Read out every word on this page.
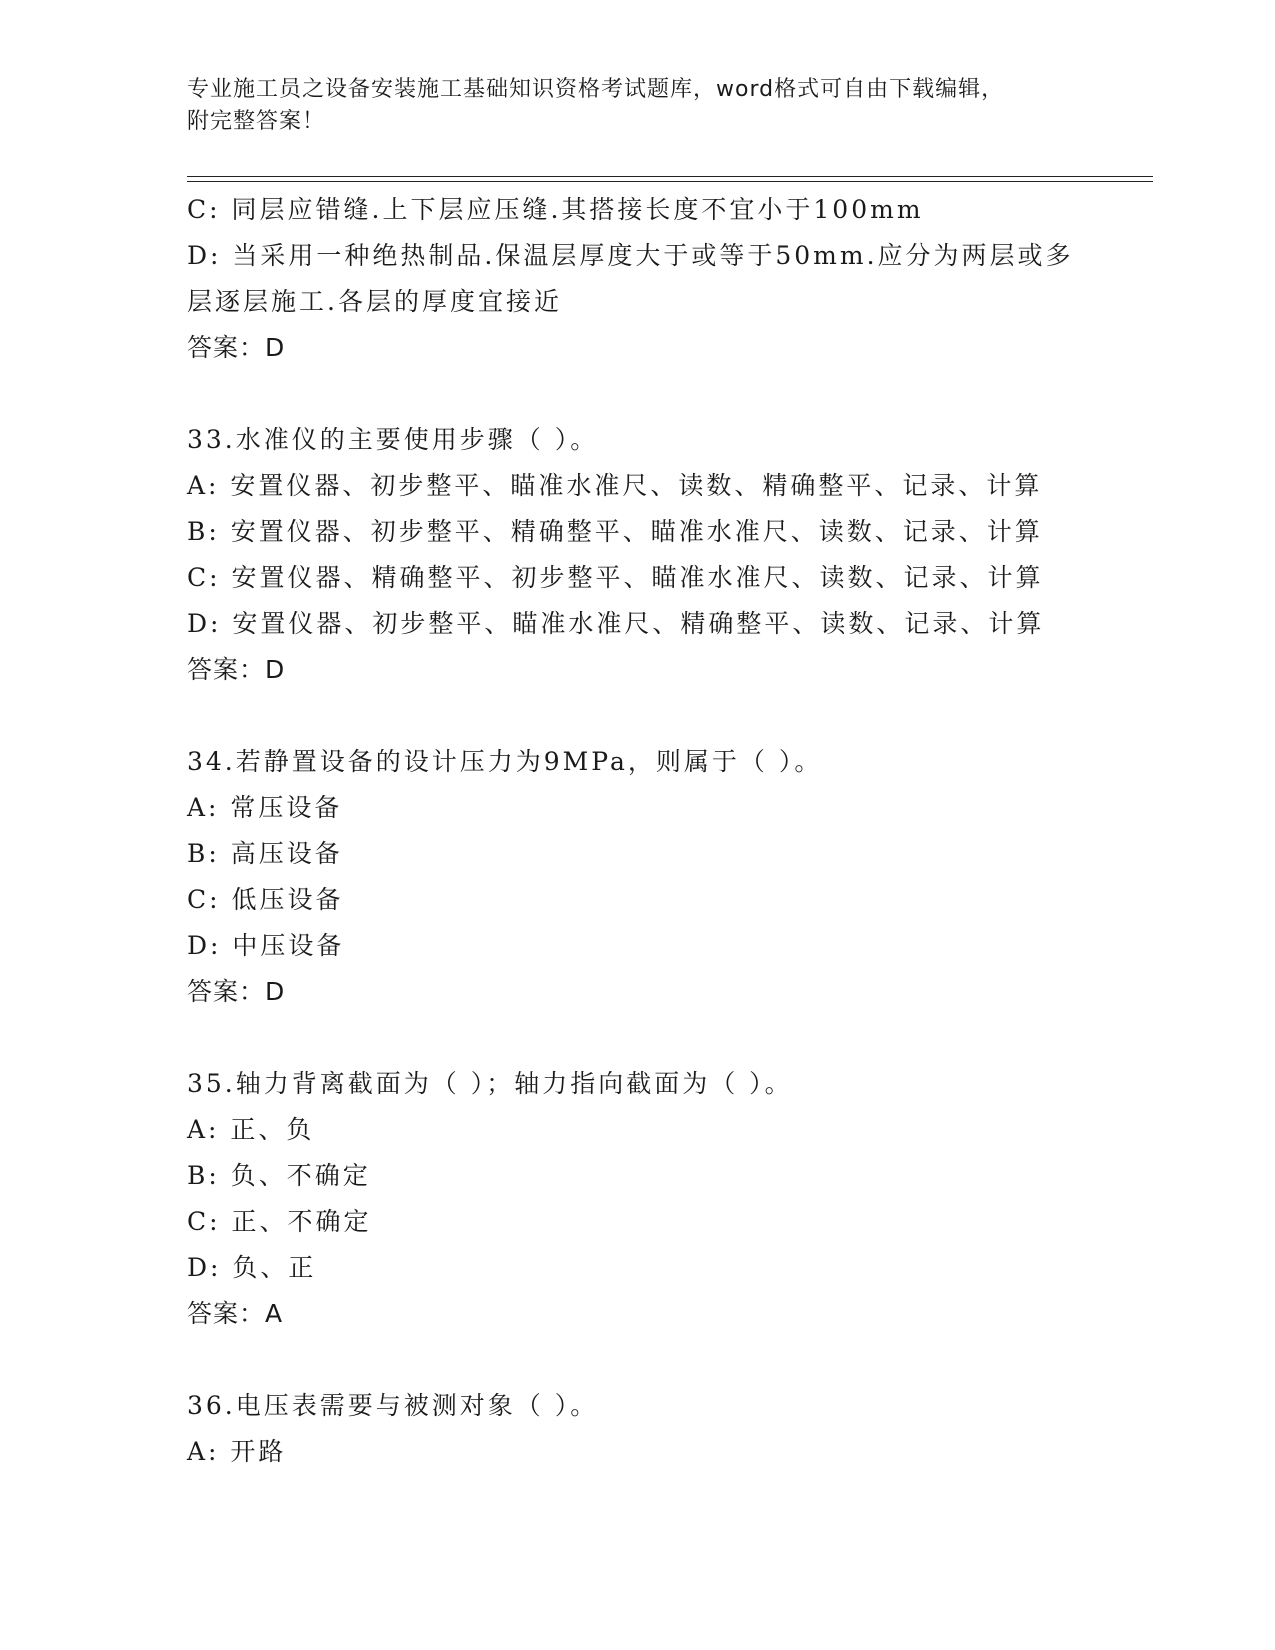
专业施工员之设备安装施工基础知识资格考试题库，word格式可自由下载编辑，
附完整答案！
C: 同层应错缝.上下层应压缝.其搭接长度不宜小于100mm
D: 当采用一种绝热制品.保温层厚度大于或等于50mm.应分为两层或多
层逐层施工.各层的厚度宜接近
答案：D
33.水准仪的主要使用步骤（ ）。
A: 安置仪器、初步整平、瞄准水准尺、读数、精确整平、记录、计算
B: 安置仪器、初步整平、精确整平、瞄准水准尺、读数、记录、计算
C: 安置仪器、精确整平、初步整平、瞄准水准尺、读数、记录、计算
D: 安置仪器、初步整平、瞄准水准尺、精确整平、读数、记录、计算
答案：D
34.若静置设备的设计压力为9MPa，则属于（ ）。
A: 常压设备
B: 高压设备
C: 低压设备
D: 中压设备
答案：D
35.轴力背离截面为（ ）；轴力指向截面为（ ）。
A: 正、负
B: 负、不确定
C: 正、不确定
D: 负、正
答案：A
36.电压表需要与被测对象（ ）。
A: 开路
